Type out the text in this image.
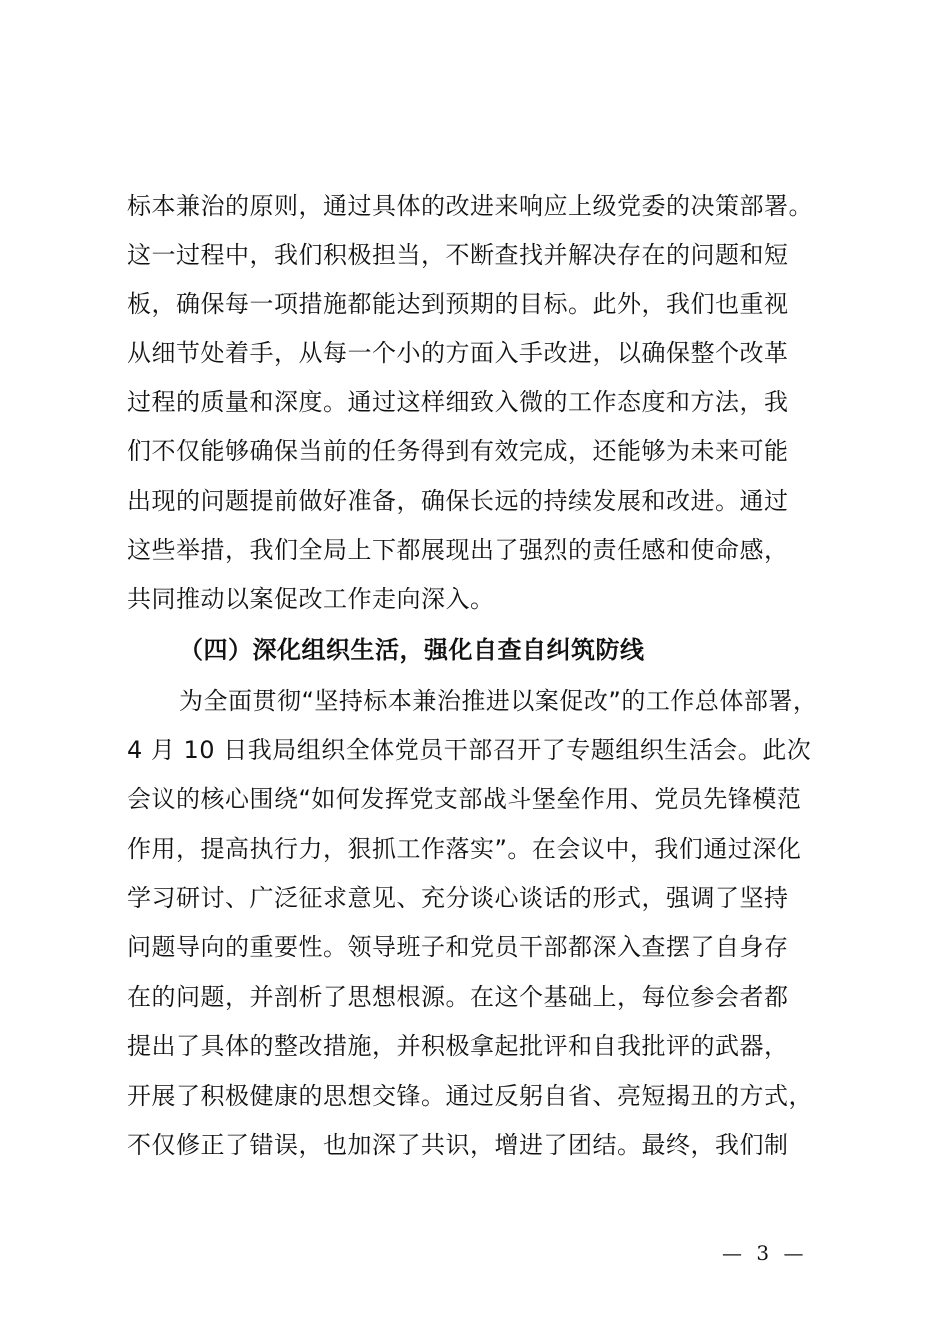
标本兼治的原则，通过具体的改进来响应上级党委的决策部署。
这一过程中，我们积极担当，不断查找并解决存在的问题和短
板，确保每一项措施都能达到预期的目标。此外，我们也重视
从细节处着手，从每一个小的方面入手改进，以确保整个改革
过程的质量和深度。通过这样细致入微的工作态度和方法，我
们不仅能够确保当前的任务得到有效完成，还能够为未来可能
出现的问题提前做好准备，确保长远的持续发展和改进。通过
这些举措，我们全局上下都展现出了强烈的责任感和使命感，
共同推动以案促改工作走向深入。
（四）深化组织生活，强化自查自纠筑防线
为全面贯彻“坚持标本兼治推进以案促改”的工作总体部署，
4 月 10 日我局组织全体党员干部召开了专题组织生活会。此次
会议的核心围绕“如何发挥党支部战斗堡垒作用、党员先锋模范
作用，提高执行力，狠抓工作落实”。在会议中，我们通过深化
学习研讨、广泛征求意见、充分谈心谈话的形式，强调了坚持
问题导向的重要性。领导班子和党员干部都深入查摆了自身存
在的问题，并剖析了思想根源。在这个基础上，每位参会者都
提出了具体的整改措施，并积极拿起批评和自我批评的武器，
开展了积极健康的思想交锋。通过反躬自省、亮短揭丑的方式，
不仅修正了错误，也加深了共识，增进了团结。最终，我们制
— 3 —
